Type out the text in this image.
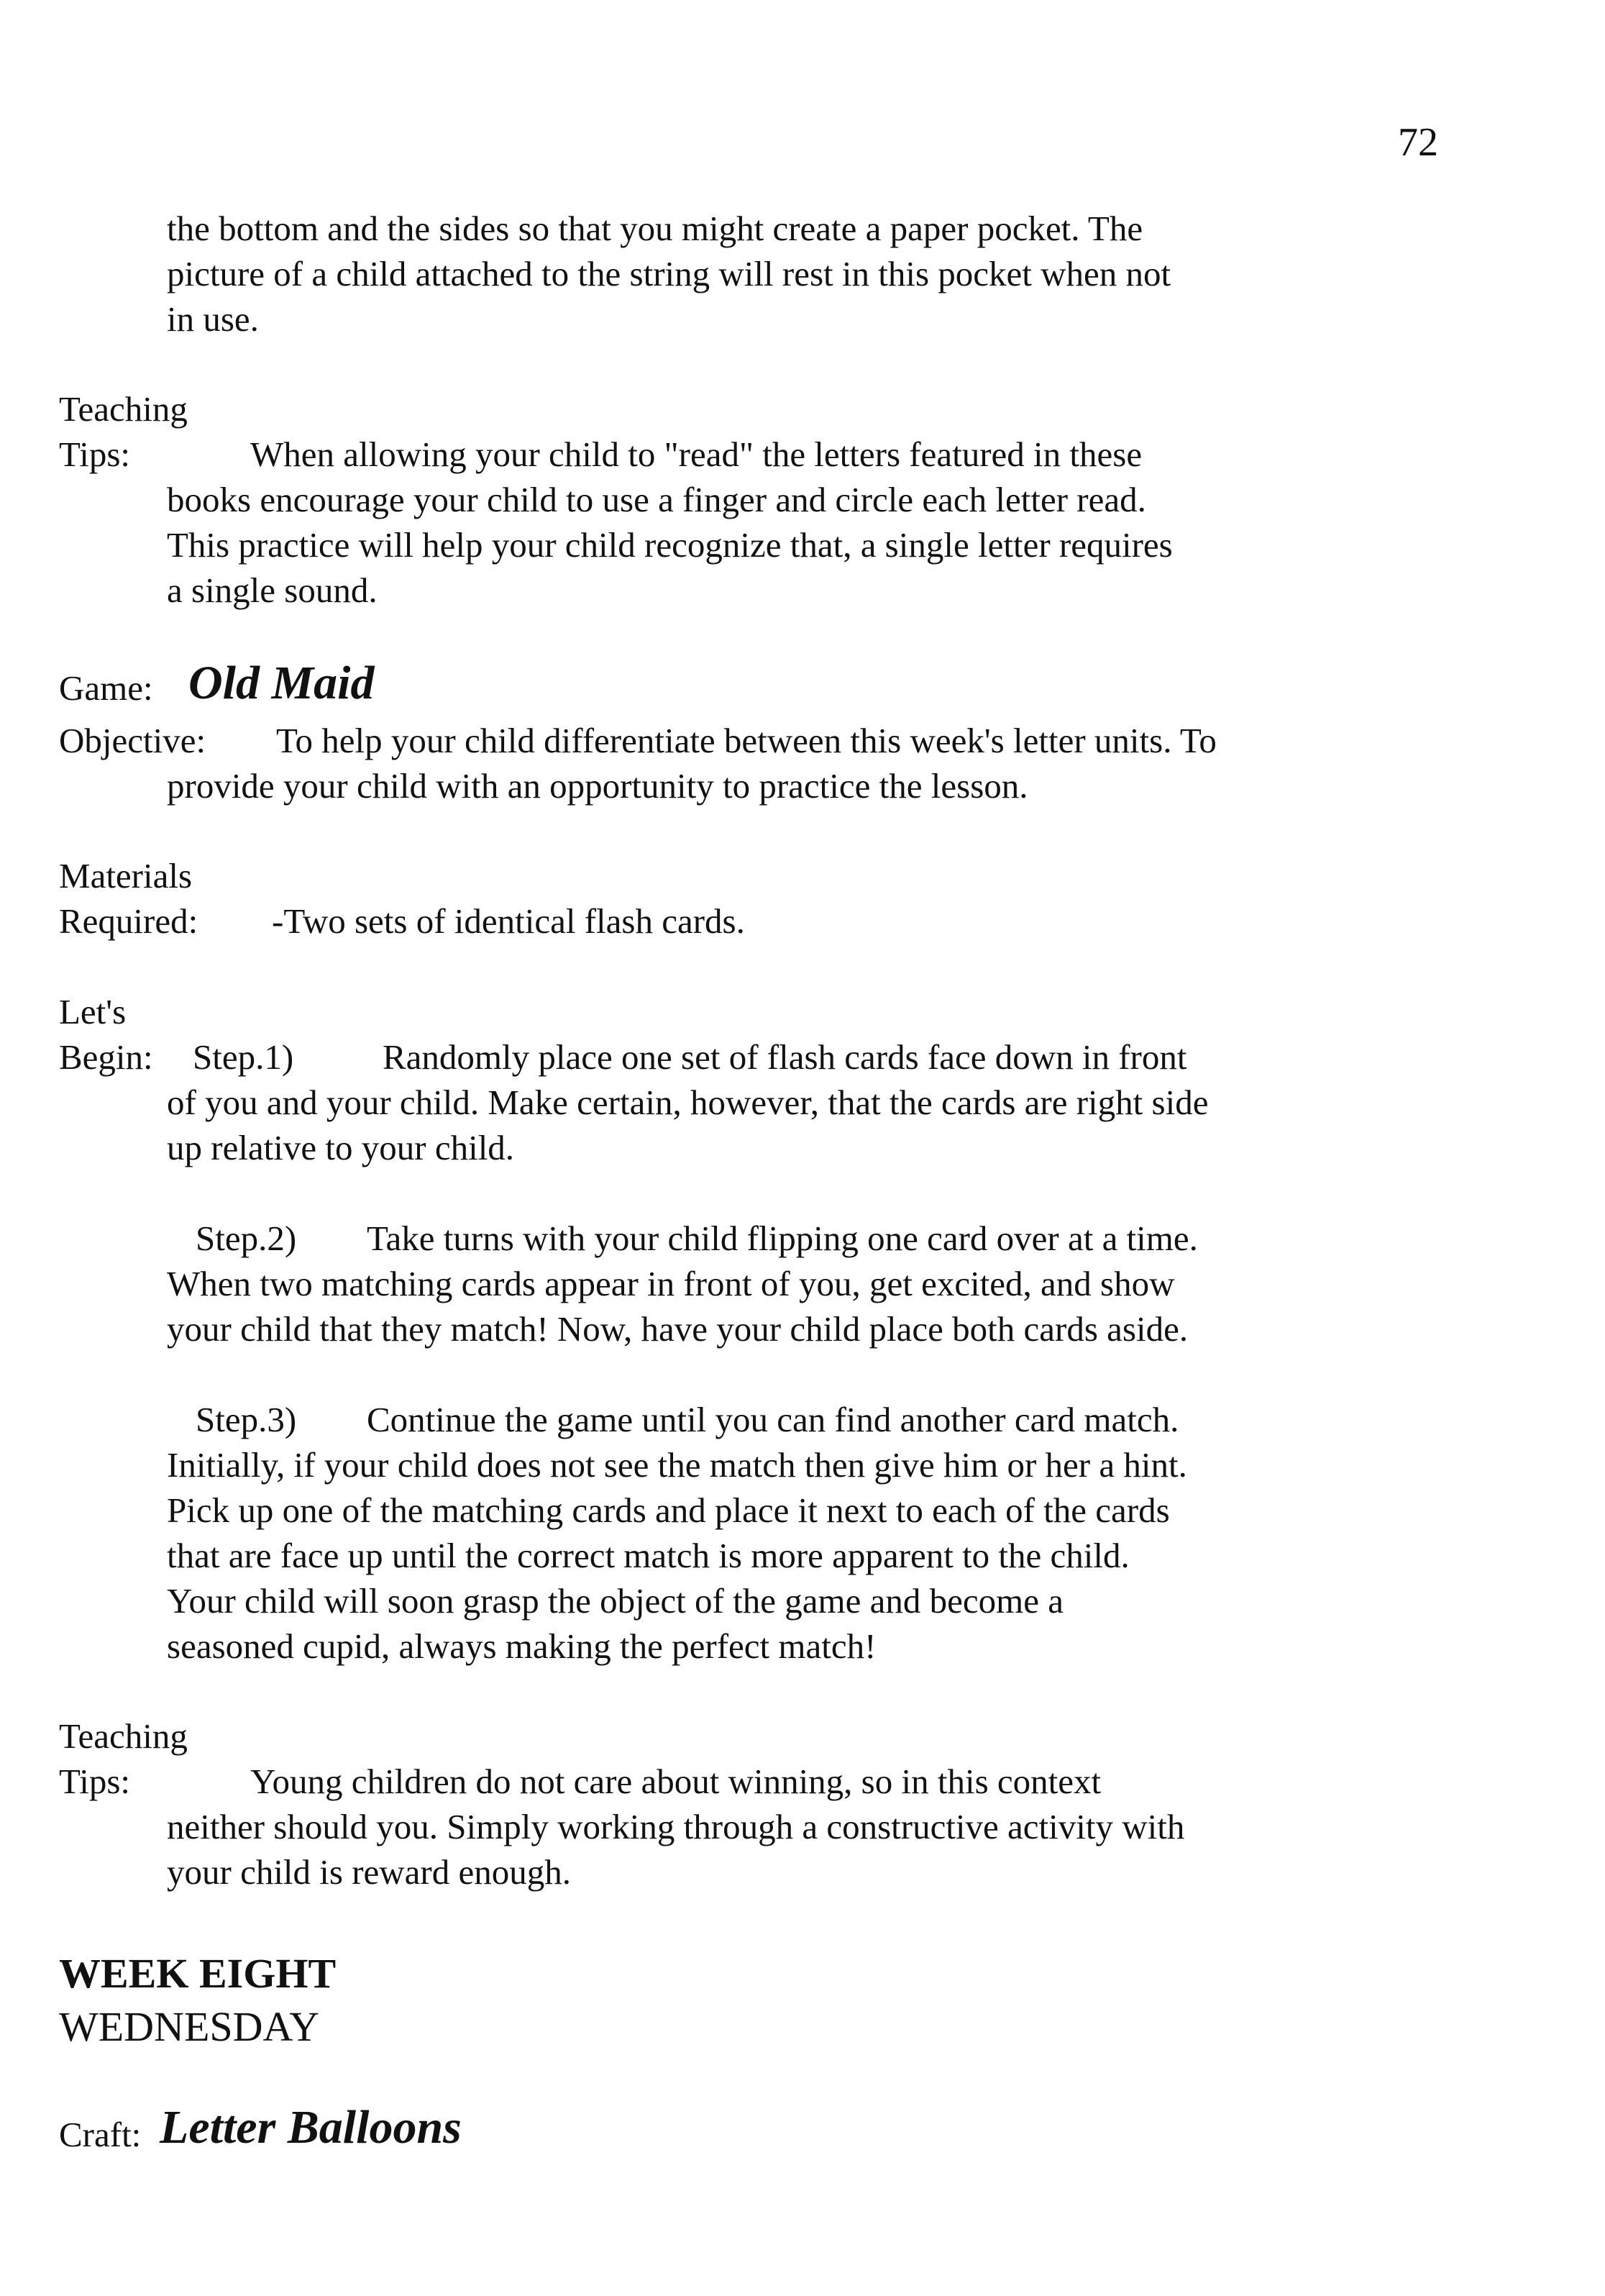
72
the bottom and the sides so that you might create a paper pocket. The
picture of a child attached to the string will rest in this pocket when not
in use.
Teaching
Tips:	When allowing your child to "read" the letters featured in these
books encourage your child to use a finger and circle each letter read.
This practice will help your child recognize that, a single letter requires
a single sound.
Game: Old Maid
Objective: To help your child differentiate between this week's letter units. To
provide your child with an opportunity to practice the lesson.
Materials
Required: -Two sets of identical flash cards.
Let's
Begin: Step.1)	Randomly place one set of flash cards face down in front
of you and your child. Make certain, however, that the cards are right side
up relative to your child.
Step.2) Take turns with your child flipping one card over at a time.
When two matching cards appear in front of you, get excited, and show
your child that they match! Now, have your child place both cards aside.
Step.3) Continue the game until you can find another card match.
Initially, if your child does not see the match then give him or her a hint.
Pick up one of the matching cards and place it next to each of the cards
that are face up until the correct match is more apparent to the child.
Your child will soon grasp the object of the game and become a
seasoned cupid, always making the perfect match!
Teaching
Tips:	Young children do not care about winning, so in this context
neither should you. Simply working through a constructive activity with
your child is reward enough.
WEEK EIGHT
WEDNESDAY
Craft: Letter Balloons
